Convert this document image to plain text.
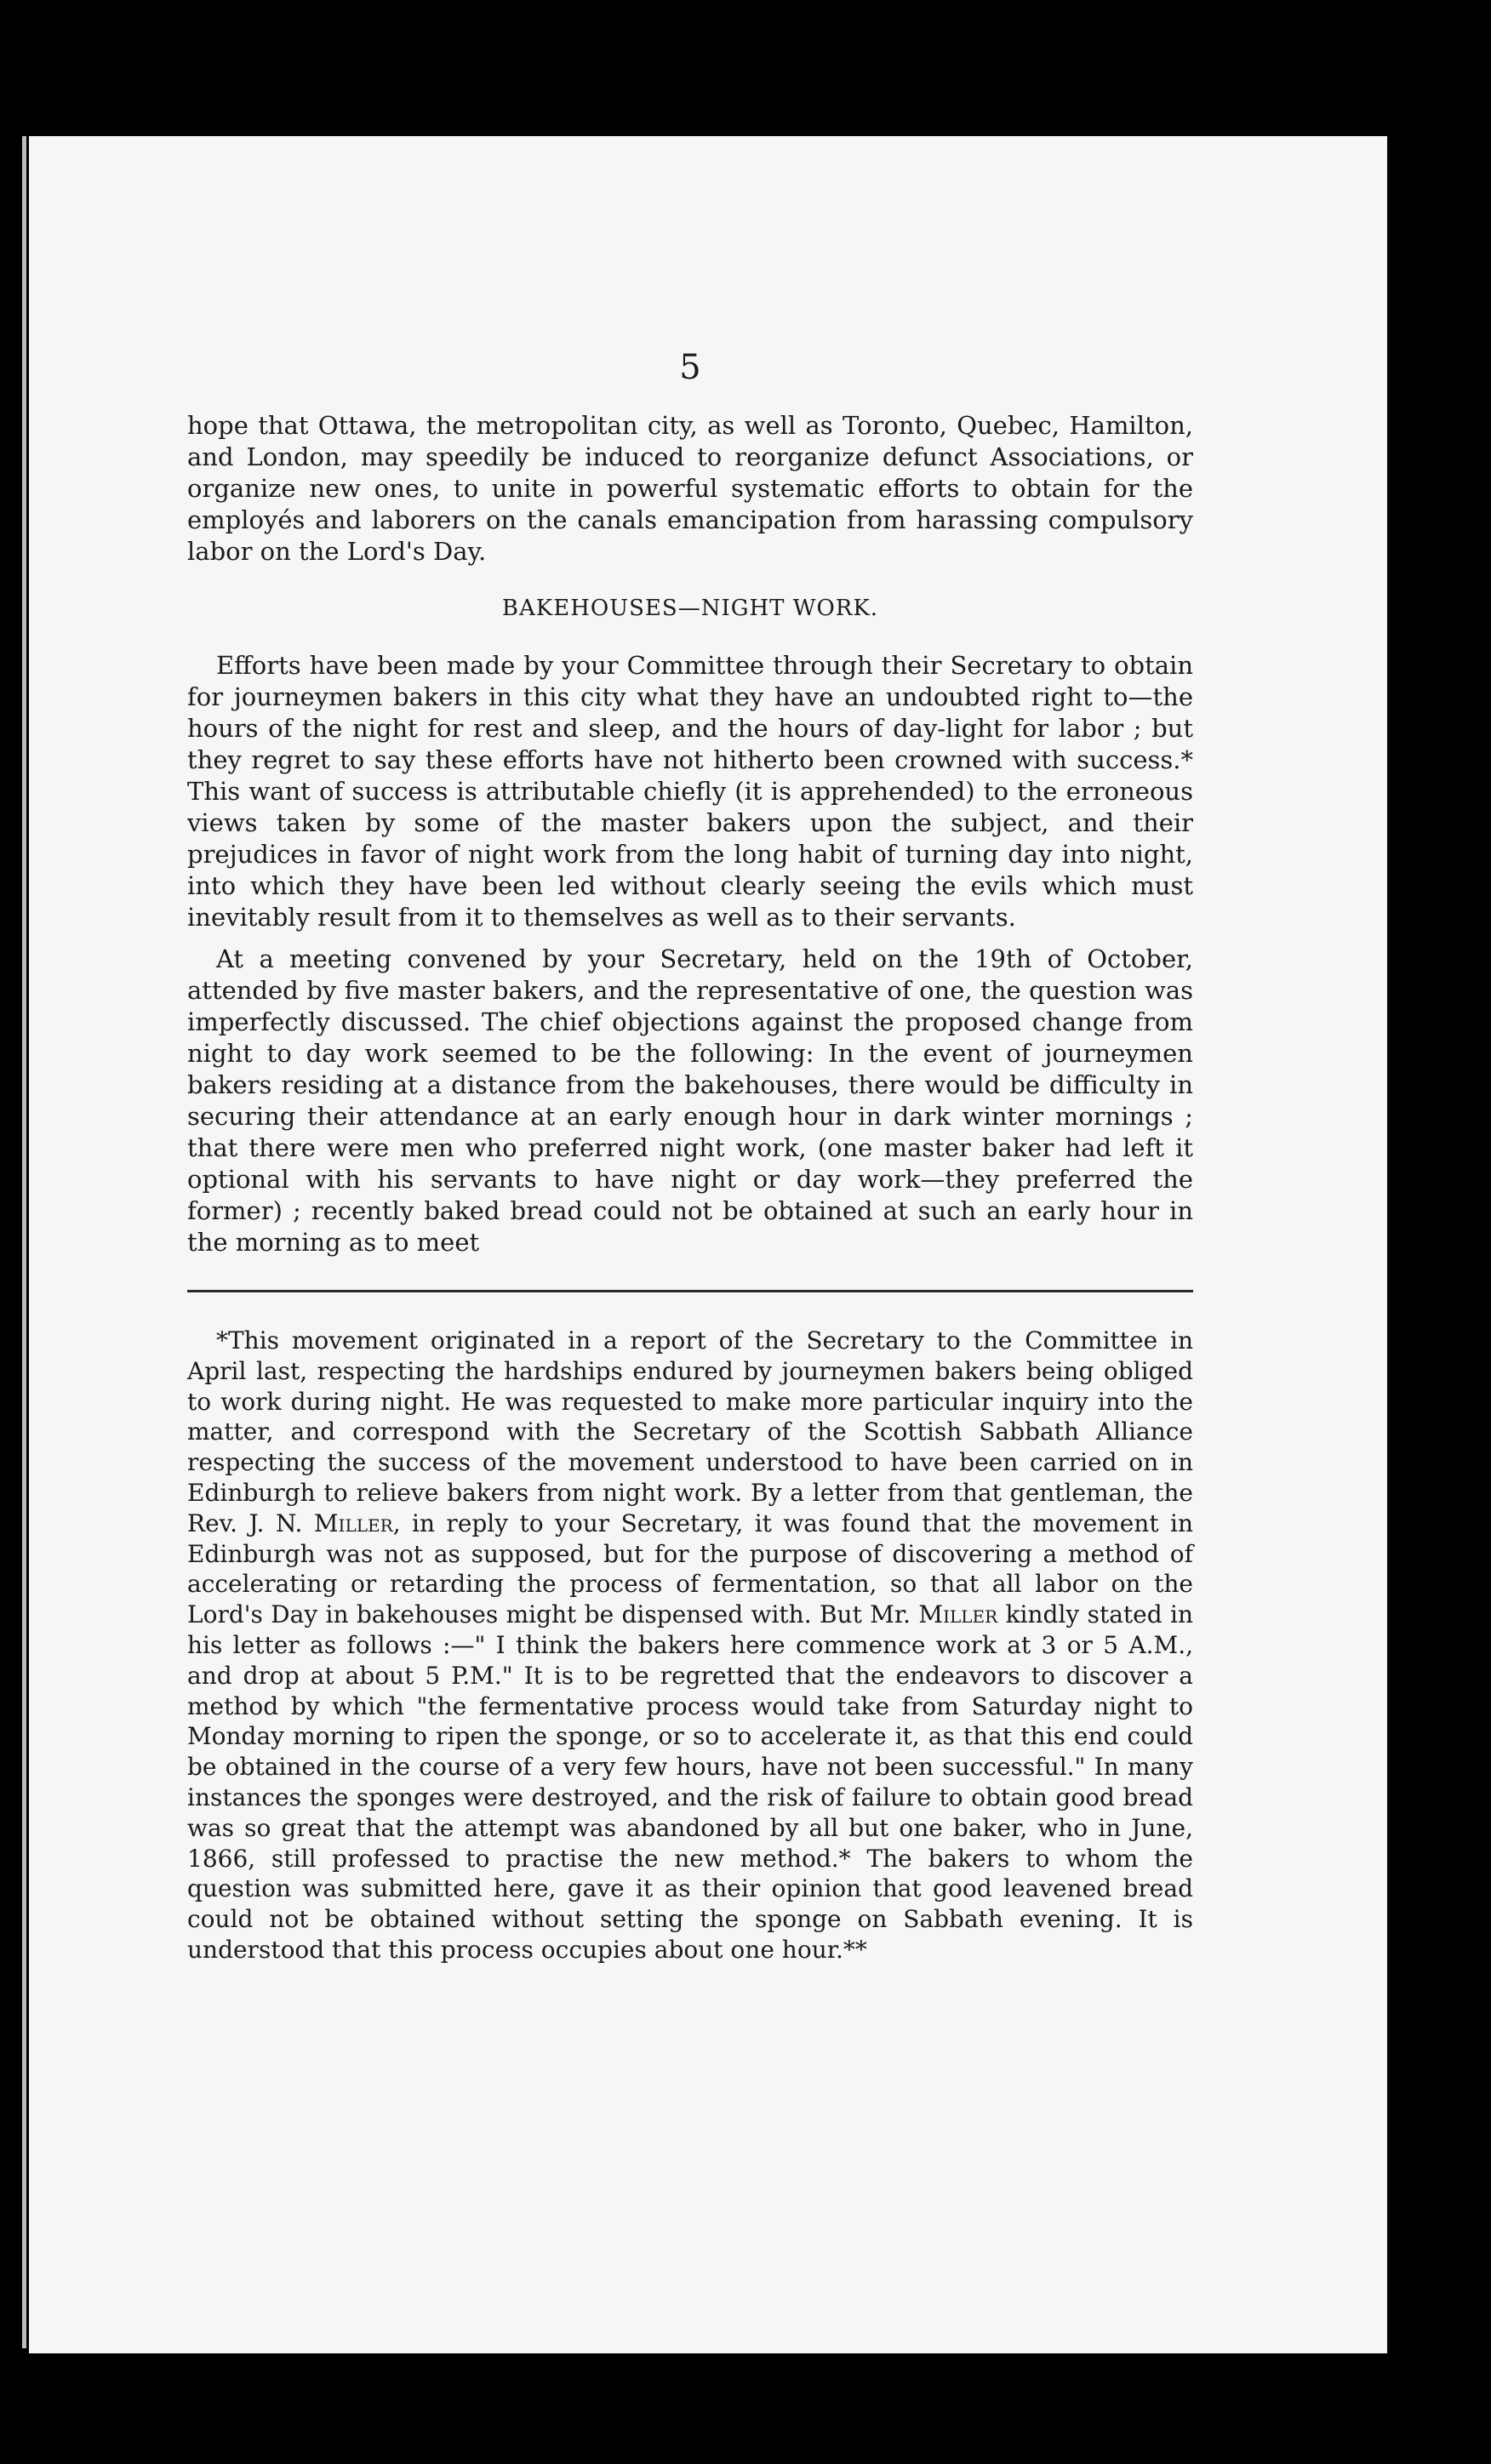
5

hope that Ottawa, the metropolitan city, as well as Toronto, Quebec, Hamilton, and London, may speedily be induced to reorganize defunct Associations, or organize new ones, to unite in powerful systematic efforts to obtain for the employés and laborers on the canals emancipation from harassing compulsory labor on the Lord's Day.

BAKEHOUSES—NIGHT WORK.

Efforts have been made by your Committee through their Secretary to obtain for journeymen bakers in this city what they have an undoubted right to—the hours of the night for rest and sleep, and the hours of day-light for labor ; but they regret to say these efforts have not hitherto been crowned with success.* This want of success is attributable chiefly (it is apprehended) to the erroneous views taken by some of the master bakers upon the subject, and their prejudices in favor of night work from the long habit of turning day into night, into which they have been led without clearly seeing the evils which must inevitably result from it to themselves as well as to their servants.

At a meeting convened by your Secretary, held on the 19th of October, attended by five master bakers, and the representative of one, the question was imperfectly discussed. The chief objections against the proposed change from night to day work seemed to be the following: In the event of journeymen bakers residing at a distance from the bakehouses, there would be difficulty in securing their attendance at an early enough hour in dark winter mornings ; that there were men who preferred night work, (one master baker had left it optional with his servants to have night or day work—they preferred the former) ; recently baked bread could not be obtained at such an early hour in the morning as to meet

*This movement originated in a report of the Secretary to the Committee in April last, respecting the hardships endured by journeymen bakers being obliged to work during night. He was requested to make more particular inquiry into the matter, and correspond with the Secretary of the Scottish Sabbath Alliance respecting the success of the movement understood to have been carried on in Edinburgh to relieve bakers from night work. By a letter from that gentleman, the Rev. J. N. Miller, in reply to your Secretary, it was found that the movement in Edinburgh was not as supposed, but for the purpose of discovering a method of accelerating or retarding the process of fermentation, so that all labor on the Lord's Day in bakehouses might be dispensed with. But Mr. Miller kindly stated in his letter as follows :—" I think the bakers here commence work at 3 or 5 A.M., and drop at about 5 P.M." It is to be regretted that the endeavors to discover a method by which "the fermentative process would take from Saturday night to Monday morning to ripen the sponge, or so to accelerate it, as that this end could be obtained in the course of a very few hours, have not been successful." In many instances the sponges were destroyed, and the risk of failure to obtain good bread was so great that the attempt was abandoned by all but one baker, who in June, 1866, still professed to practise the new method.* The bakers to whom the question was submitted here, gave it as their opinion that good leavened bread could not be obtained without setting the sponge on Sabbath evening. It is understood that this process occupies about one hour.**
